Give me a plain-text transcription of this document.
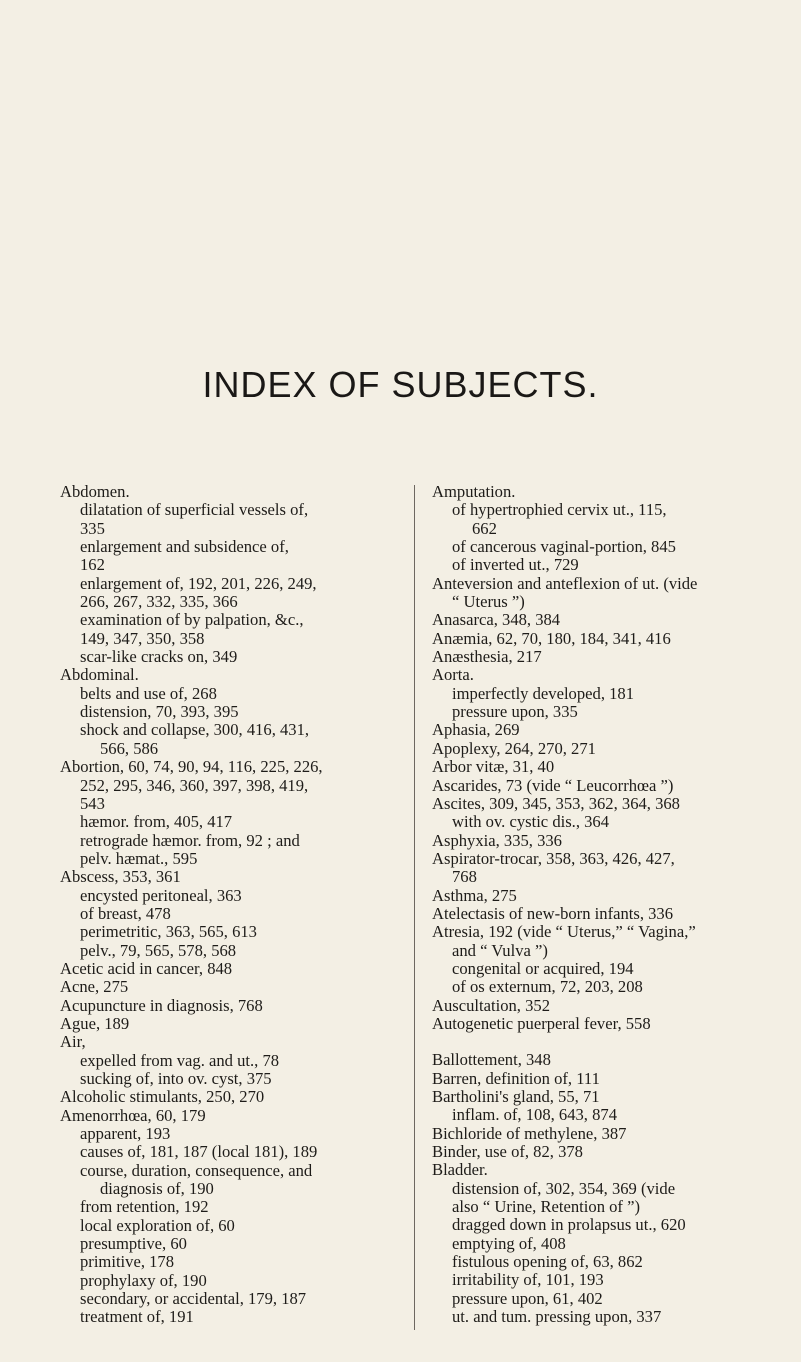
INDEX OF SUBJECTS.
Abdomen.
dilatation of superficial vessels of,
335
enlargement and subsidence of,
162
enlargement of, 192, 201, 226, 249,
266, 267, 332, 335, 366
examination of by palpation, &c.,
149, 347, 350, 358
scar-like cracks on, 349
Abdominal.
belts and use of, 268
distension, 70, 393, 395
shock and collapse, 300, 416, 431,
566, 586
Abortion, 60, 74, 90, 94, 116, 225, 226,
252, 295, 346, 360, 397, 398, 419,
543
hæmor. from, 405, 417
retrograde hæmor. from, 92 ; and
pelv. hæmat., 595
Abscess, 353, 361
encysted peritoneal, 363
of breast, 478
perimetritic, 363, 565, 613
pelv., 79, 565, 578, 568
Acetic acid in cancer, 848
Acne, 275
Acupuncture in diagnosis, 768
Ague, 189
Air,
expelled from vag. and ut., 78
sucking of, into ov. cyst, 375
Alcoholic stimulants, 250, 270
Amenorrhœa, 60, 179
apparent, 193
causes of, 181, 187 (local 181), 189
course, duration, consequence, and
diagnosis of, 190
from retention, 192
local exploration of, 60
presumptive, 60
primitive, 178
prophylaxy of, 190
secondary, or accidental, 179, 187
treatment of, 191
Amputation.
of hypertrophied cervix ut., 115,
662
of cancerous vaginal-portion, 845
of inverted ut., 729
Anteversion and anteflexion of ut. (vide
“ Uterus ”)
Anasarca, 348, 384
Anæmia, 62, 70, 180, 184, 341, 416
Anæsthesia, 217
Aorta.
imperfectly developed, 181
pressure upon, 335
Aphasia, 269
Apoplexy, 264, 270, 271
Arbor vitæ, 31, 40
Ascarides, 73 (vide “ Leucorrhœa ”)
Ascites, 309, 345, 353, 362, 364, 368
with ov. cystic dis., 364
Asphyxia, 335, 336
Aspirator-trocar, 358, 363, 426, 427,
768
Asthma, 275
Atelectasis of new-born infants, 336
Atresia, 192 (vide “ Uterus,” “ Vagina,”
and “ Vulva ”)
congenital or acquired, 194
of os externum, 72, 203, 208
Auscultation, 352
Autogenetic puerperal fever, 558
Ballottement, 348
Barren, definition of, 111
Bartholini's gland, 55, 71
inflam. of, 108, 643, 874
Bichloride of methylene, 387
Binder, use of, 82, 378
Bladder.
distension of, 302, 354, 369 (vide
also “ Urine, Retention of ”)
dragged down in prolapsus ut., 620
emptying of, 408
fistulous opening of, 63, 862
irritability of, 101, 193
pressure upon, 61, 402
ut. and tum. pressing upon, 337
